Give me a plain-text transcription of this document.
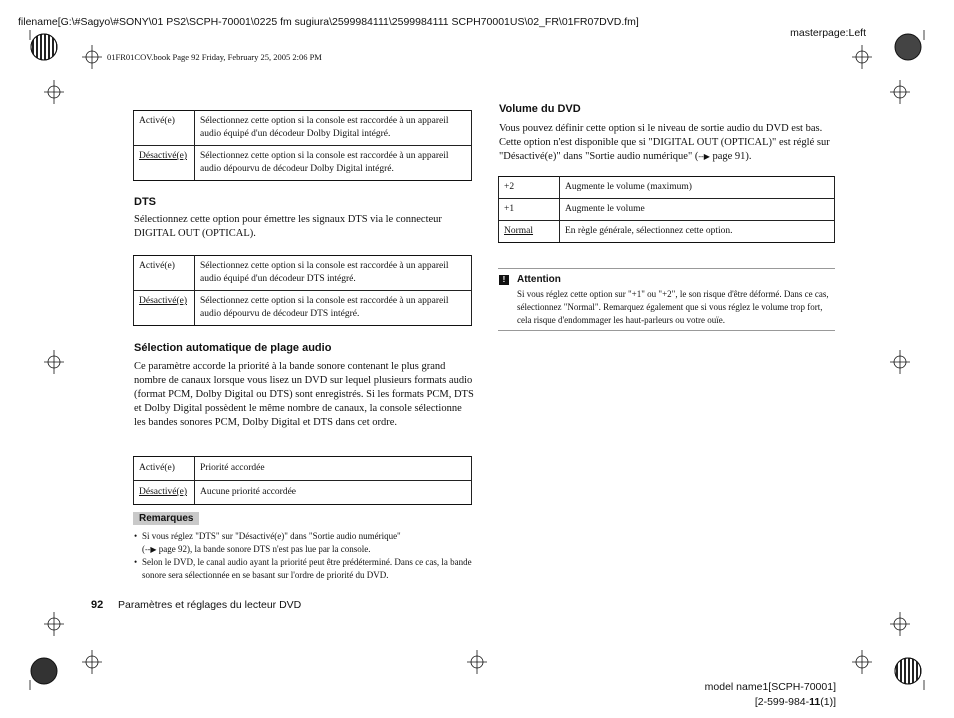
filename[G:\#Sagyo\#SONY\01 PS2\SCPH-70001\0225 fm sugiura\2599984111\2599984111 SCPH70001US\02_FR\01FR07DVD.fm]
masterpage:Left
01FR01COV.book Page 92 Friday, February 25, 2005 2:06 PM
Activé(e)	Sélectionnez cette option si la console est raccordée à un appareil audio équipé d'un décodeur Dolby Digital intégré.
Désactivé(e)	Sélectionnez cette option si la console est raccordée à un appareil audio dépourvu de décodeur Dolby Digital intégré.
DTS
Sélectionnez cette option pour émettre les signaux DTS via le connecteur DIGITAL OUT (OPTICAL).
Activé(e)	Sélectionnez cette option si la console est raccordée à un appareil audio équipé d'un décodeur DTS intégré.
Désactivé(e)	Sélectionnez cette option si la console est raccordée à un appareil audio dépourvu de décodeur DTS intégré.
Sélection automatique de plage audio
Ce paramètre accorde la priorité à la bande sonore contenant le plus grand nombre de canaux lorsque vous lisez un DVD sur lequel plusieurs formats audio (format PCM, Dolby Digital ou DTS) sont enregistrés. Si les formats PCM, DTS et Dolby Digital possèdent le même nombre de canaux, la console sélectionne les bandes sonores PCM, Dolby Digital et DTS dans cet ordre.
Activé(e)	Priorité accordée
Désactivé(e)	Aucune priorité accordée
Remarques
• Si vous réglez "DTS" sur "Désactivé(e)" dans "Sortie audio numérique"
(--▶ page 92), la bande sonore DTS n'est pas lue par la console.
• Selon le DVD, le canal audio ayant la priorité peut être prédéterminé. Dans ce cas, la bande sonore sera sélectionnée en se basant sur l'ordre de priorité du DVD.
Volume du DVD
Vous pouvez définir cette option si le niveau de sortie audio du DVD est bas. Cette option n'est disponible que si "DIGITAL OUT (OPTICAL)" est réglé sur "Désactivé(e)" dans "Sortie audio numérique" (--▶ page 91).
+2	Augmente le volume (maximum)
+1	Augmente le volume
Normal	En règle générale, sélectionnez cette option.
!	Attention
Si vous réglez cette option sur "+1" ou "+2", le son risque d'être déformé. Dans ce cas, sélectionnez "Normal". Remarquez également que si vous réglez le volume trop fort, cela risque d'endommager les haut-parleurs ou votre ouïe.
92 Paramètres et réglages du lecteur DVD
model name1[SCPH-70001]
[2-599-984-11(1)]
